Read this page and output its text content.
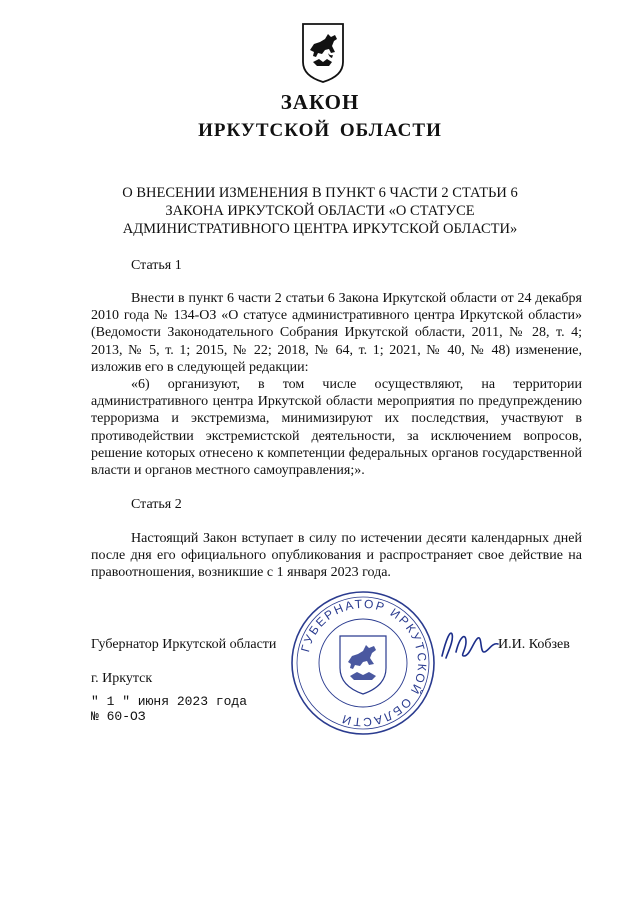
ЗАКОН
ИРКУТСКОЙ ОБЛАСТИ
О ВНЕСЕНИИ ИЗМЕНЕНИЯ В ПУНКТ 6 ЧАСТИ 2 СТАТЬИ 6
ЗАКОНА ИРКУТСКОЙ ОБЛАСТИ «О СТАТУСЕ
АДМИНИСТРАТИВНОГО ЦЕНТРА ИРКУТСКОЙ ОБЛАСТИ»
Статья 1

Внести в пункт 6 части 2 статьи 6 Закона Иркутской области от 24 декабря 2010 года № 134-ОЗ «О статусе административного центра Иркутской области» (Ведомости Законодательного Собрания Иркутской области, 2011, № 28, т. 4; 2013, № 5, т. 1; 2015, № 22; 2018, № 64, т. 1; 2021, № 40, № 48) изменение, изложив его в следующей редакции:

«6) организуют, в том числе осуществляют, на территории административного центра Иркутской области мероприятия по предупреждению терроризма и экстремизма, минимизируют их последствия, участвуют в противодействии экстремистской деятельности, за исключением вопросов, решение которых отнесено к компетенции федеральных органов государственной власти и органов местного самоуправления;».

Статья 2

Настоящий Закон вступает в силу по истечении десяти календарных дней после дня его официального опубликования и распространяет свое действие на правоотношения, возникшие с 1 января 2023 года.

ГУБЕРНАТОР ИРКУТСКОЙ ОБЛАСТИ
Губернатор Иркутской области	И.И. Кобзев
г. Иркутск
" 1 " июня 2023 года
№ 60-ОЗ
